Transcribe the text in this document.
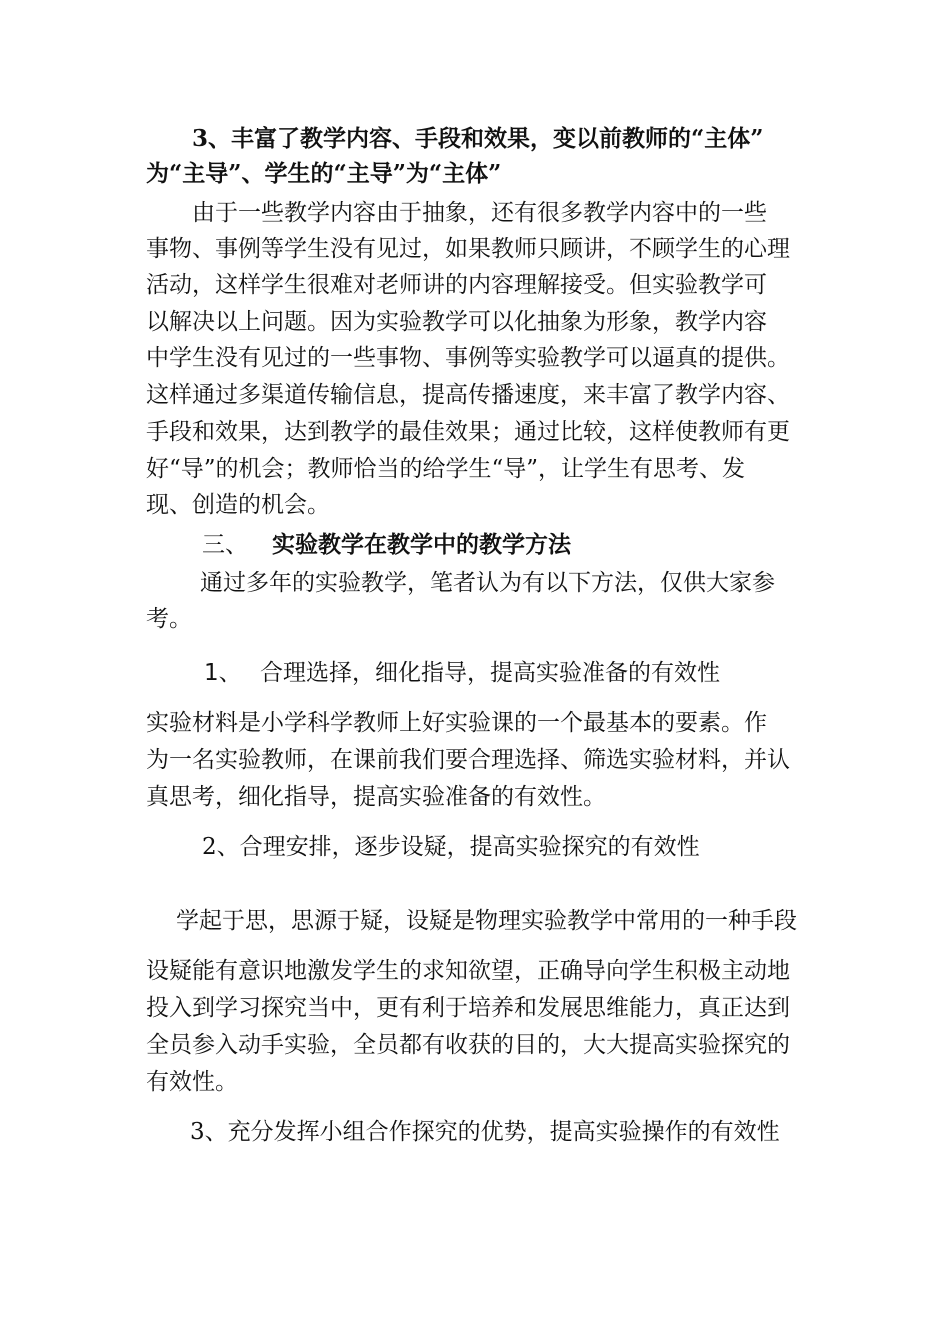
3、丰富了教学内容、手段和效果，变以前教师的“主体”
为“主导”、学生的“主导”为“主体”
由于一些教学内容由于抽象，还有很多教学内容中的一些
事物、事例等学生没有见过，如果教师只顾讲，不顾学生的心理
活动，这样学生很难对老师讲的内容理解接受。但实验教学可
以解决以上问题。因为实验教学可以化抽象为形象，教学内容
中学生没有见过的一些事物、事例等实验教学可以逼真的提供。
这样通过多渠道传输信息，提高传播速度，来丰富了教学内容、
手段和效果，达到教学的最佳效果；通过比较，这样使教师有更
好“导”的机会；教师恰当的给学生“导”，让学生有思考、发
现、创造的机会。
三、	实验教学在教学中的教学方法
通过多年的实验教学，笔者认为有以下方法，仅供大家参
考。
1、 合理选择，细化指导，提高实验准备的有效性
实验材料是小学科学教师上好实验课的一个最基本的要素。作
为一名实验教师，在课前我们要合理选择、筛选实验材料，并认
真思考，细化指导，提高实验准备的有效性。
2、合理安排，逐步设疑，提高实验探究的有效性
学起于思，思源于疑，设疑是物理实验教学中常用的一种手段
设疑能有意识地激发学生的求知欲望，正确导向学生积极主动地
投入到学习探究当中，更有利于培养和发展思维能力，真正达到
全员参入动手实验，全员都有收获的目的，大大提高实验探究的
有效性。
3、充分发挥小组合作探究的优势，提高实验操作的有效性
